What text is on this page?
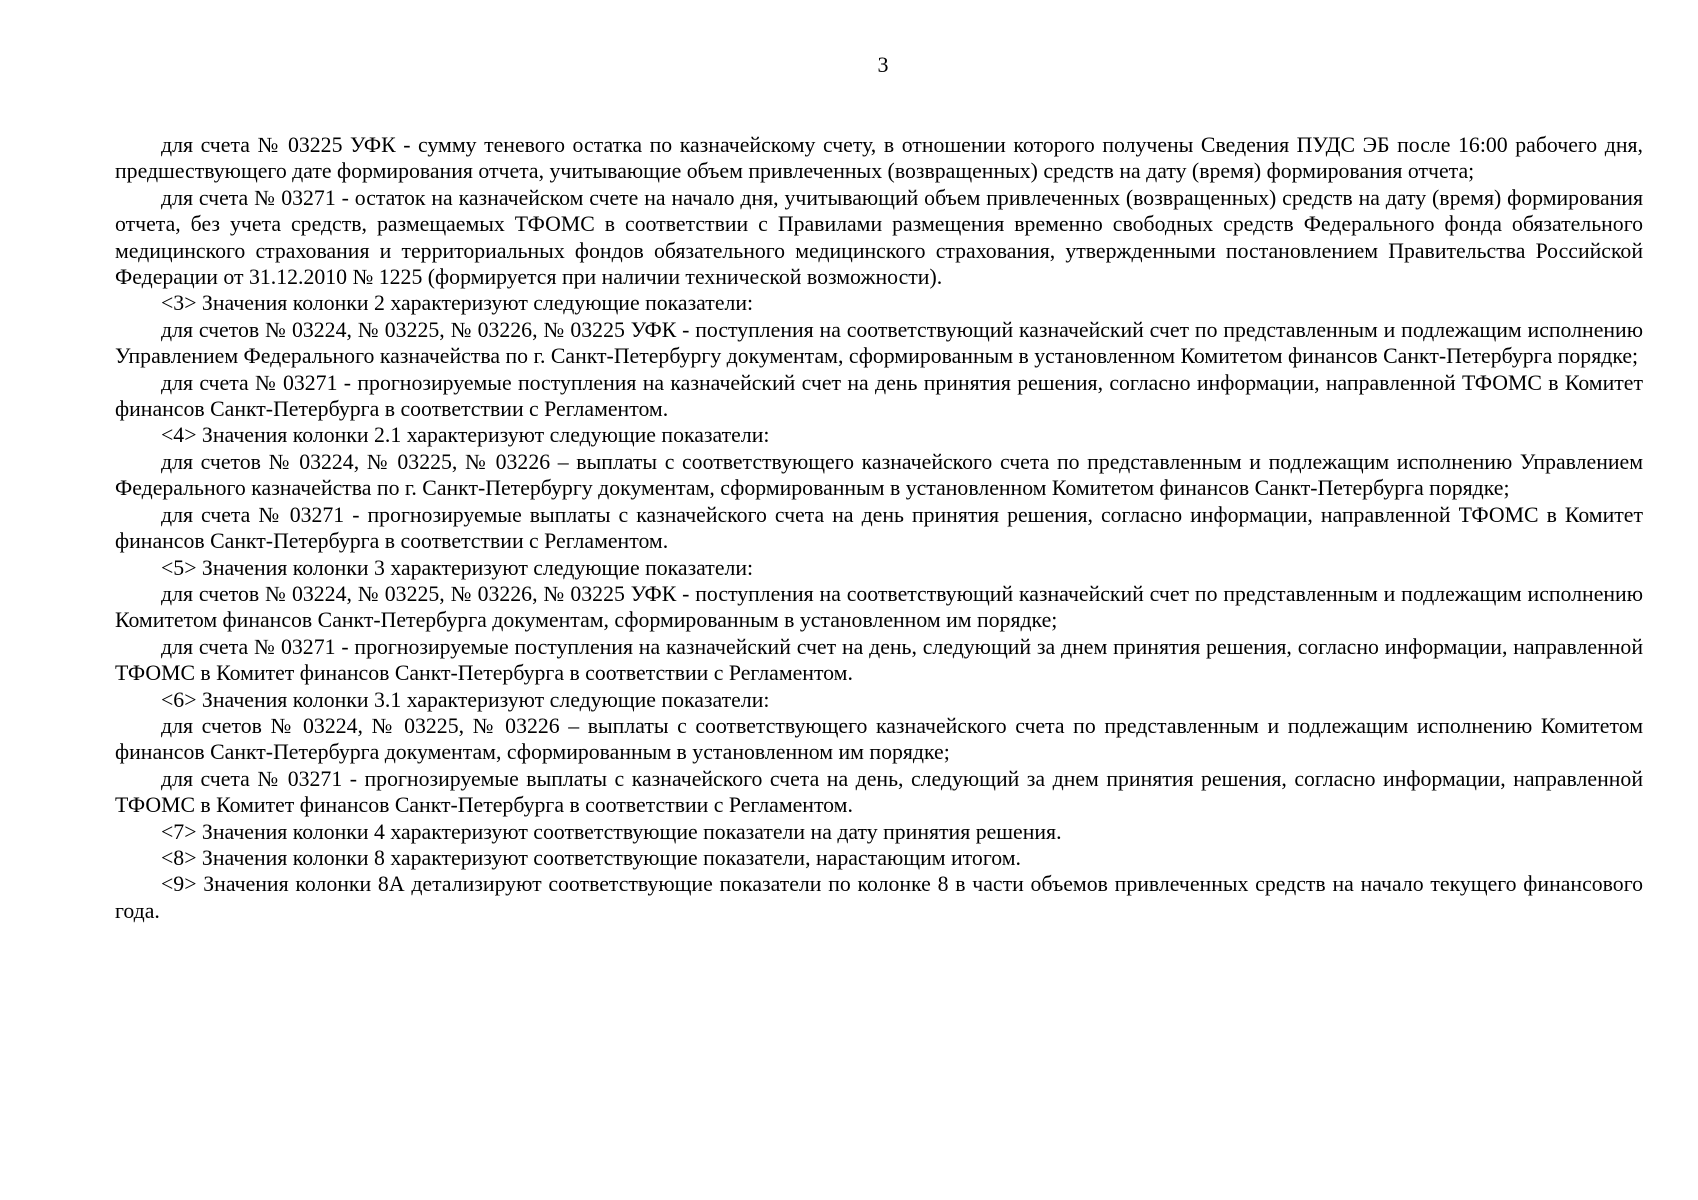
3

для счета № 03225 УФК - сумму теневого остатка по казначейскому счету, в отношении которого получены Сведения ПУДС ЭБ после 16:00 рабочего дня, предшествующего дате формирования отчета, учитывающие объем привлеченных (возвращенных) средств на дату (время) формирования отчета;

для счета № 03271 - остаток на казначейском счете на начало дня, учитывающий объем привлеченных (возвращенных) средств на дату (время) формирования отчета, без учета средств, размещаемых ТФОМС в соответствии с Правилами размещения временно свободных средств Федерального фонда обязательного медицинского страхования и территориальных фондов обязательного медицинского страхования, утвержденными постановлением Правительства Российской Федерации от 31.12.2010 № 1225 (формируется при наличии технической возможности).

<3> Значения колонки 2 характеризуют следующие показатели:

для счетов № 03224, № 03225, № 03226, № 03225 УФК - поступления на соответствующий казначейский счет по представленным и подлежащим исполнению Управлением Федерального казначейства по г. Санкт-Петербургу документам, сформированным в установленном Комитетом финансов Санкт-Петербурга порядке;

для счета № 03271 - прогнозируемые поступления на казначейский счет на день принятия решения, согласно информации, направленной ТФОМС в Комитет финансов Санкт-Петербурга в соответствии с Регламентом.

<4> Значения колонки 2.1 характеризуют следующие показатели:

для счетов № 03224, № 03225, № 03226 – выплаты с соответствующего казначейского счета по представленным и подлежащим исполнению Управлением Федерального казначейства по г. Санкт-Петербургу документам, сформированным в установленном Комитетом финансов Санкт-Петербурга порядке;

для счета № 03271 - прогнозируемые выплаты с казначейского счета на день принятия решения, согласно информации, направленной ТФОМС в Комитет финансов Санкт-Петербурга в соответствии с Регламентом.

<5> Значения колонки 3 характеризуют следующие показатели:

для счетов № 03224, № 03225, № 03226, № 03225 УФК - поступления на соответствующий казначейский счет по представленным и подлежащим исполнению Комитетом финансов Санкт-Петербурга документам, сформированным в установленном им порядке;

для счета № 03271 - прогнозируемые поступления на казначейский счет на день, следующий за днем принятия решения, согласно информации, направленной ТФОМС в Комитет финансов Санкт-Петербурга в соответствии с Регламентом.

<6> Значения колонки 3.1 характеризуют следующие показатели:

для счетов № 03224, № 03225, № 03226 – выплаты с соответствующего казначейского счета по представленным и подлежащим исполнению Комитетом финансов Санкт-Петербурга документам, сформированным в установленном им порядке;

для счета № 03271 - прогнозируемые выплаты с казначейского счета на день, следующий за днем принятия решения, согласно информации, направленной ТФОМС в Комитет финансов Санкт-Петербурга в соответствии с Регламентом.

<7> Значения колонки 4 характеризуют соответствующие показатели на дату принятия решения.

<8> Значения колонки 8 характеризуют соответствующие показатели, нарастающим итогом.

<9> Значения колонки 8А детализируют соответствующие показатели по колонке 8 в части объемов привлеченных средств на начало текущего финансового года.
